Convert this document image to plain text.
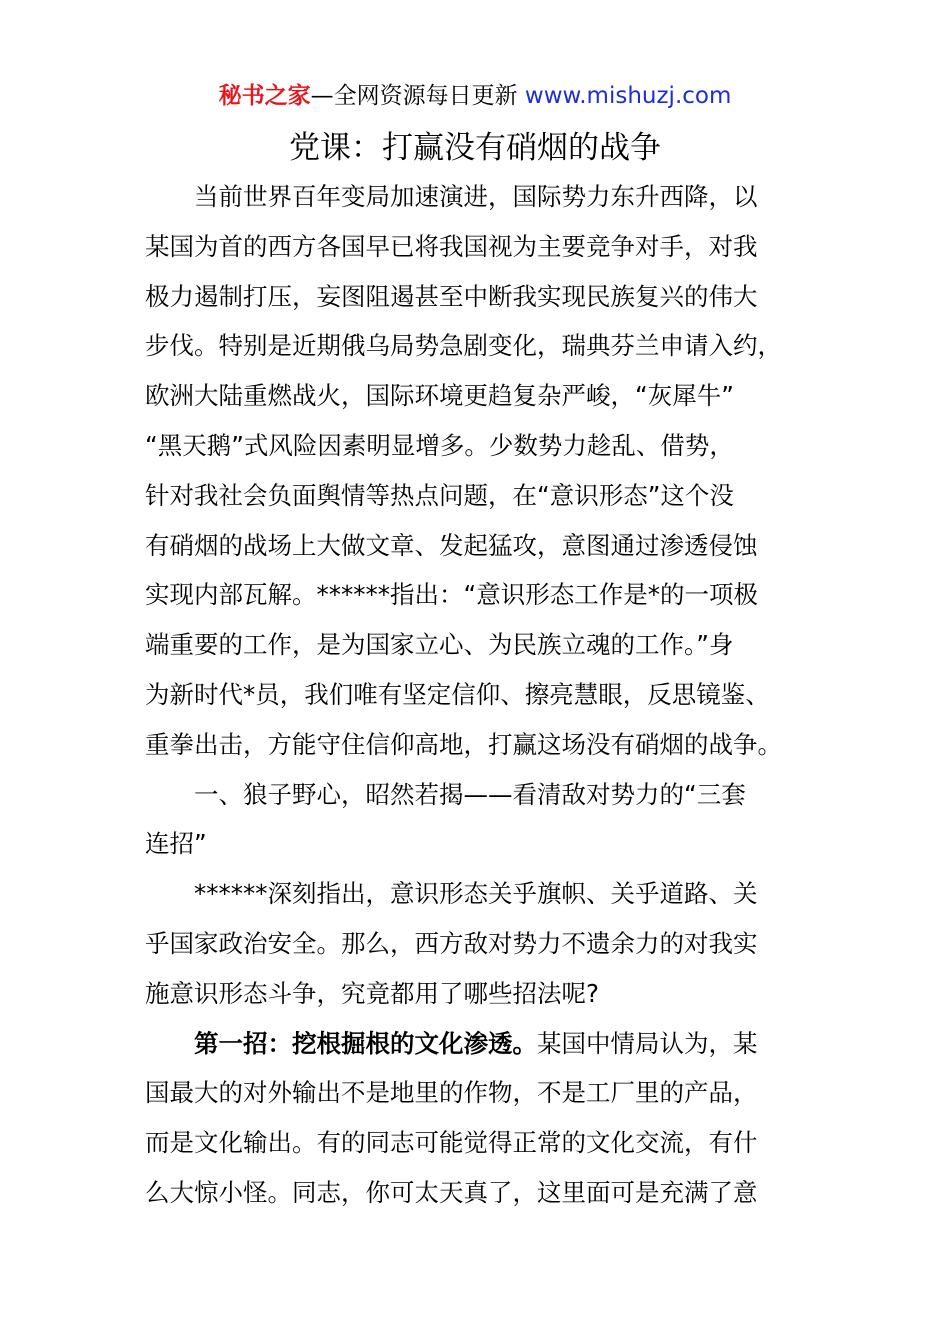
秘书之家—全网资源每日更新 www.mishuzj.com
党课：打赢没有硝烟的战争
当前世界百年变局加速演进，国际势力东升西降，以
某国为首的西方各国早已将我国视为主要竞争对手，对我
极力遏制打压，妄图阻遏甚至中断我实现民族复兴的伟大
步伐。特别是近期俄乌局势急剧变化，瑞典芬兰申请入约，
欧洲大陆重燃战火，国际环境更趋复杂严峻，“灰犀牛”
“黑天鹅”式风险因素明显增多。少数势力趁乱、借势，
针对我社会负面舆情等热点问题，在“意识形态”这个没
有硝烟的战场上大做文章、发起猛攻，意图通过渗透侵蚀
实现内部瓦解。******指出：“意识形态工作是*的一项极
端重要的工作，是为国家立心、为民族立魂的工作。”身
为新时代*员，我们唯有坚定信仰、擦亮慧眼，反思镜鉴、
重拳出击，方能守住信仰高地，打赢这场没有硝烟的战争。
一、狼子野心，昭然若揭——看清敌对势力的“三套
连招”
******深刻指出，意识形态关乎旗帜、关乎道路、关
乎国家政治安全。那么，西方敌对势力不遗余力的对我实
施意识形态斗争，究竟都用了哪些招法呢?
第一招：挖根掘根的文化渗透。某国中情局认为，某
国最大的对外输出不是地里的作物，不是工厂里的产品，
而是文化输出。有的同志可能觉得正常的文化交流，有什
么大惊小怪。同志，你可太天真了，这里面可是充满了意
